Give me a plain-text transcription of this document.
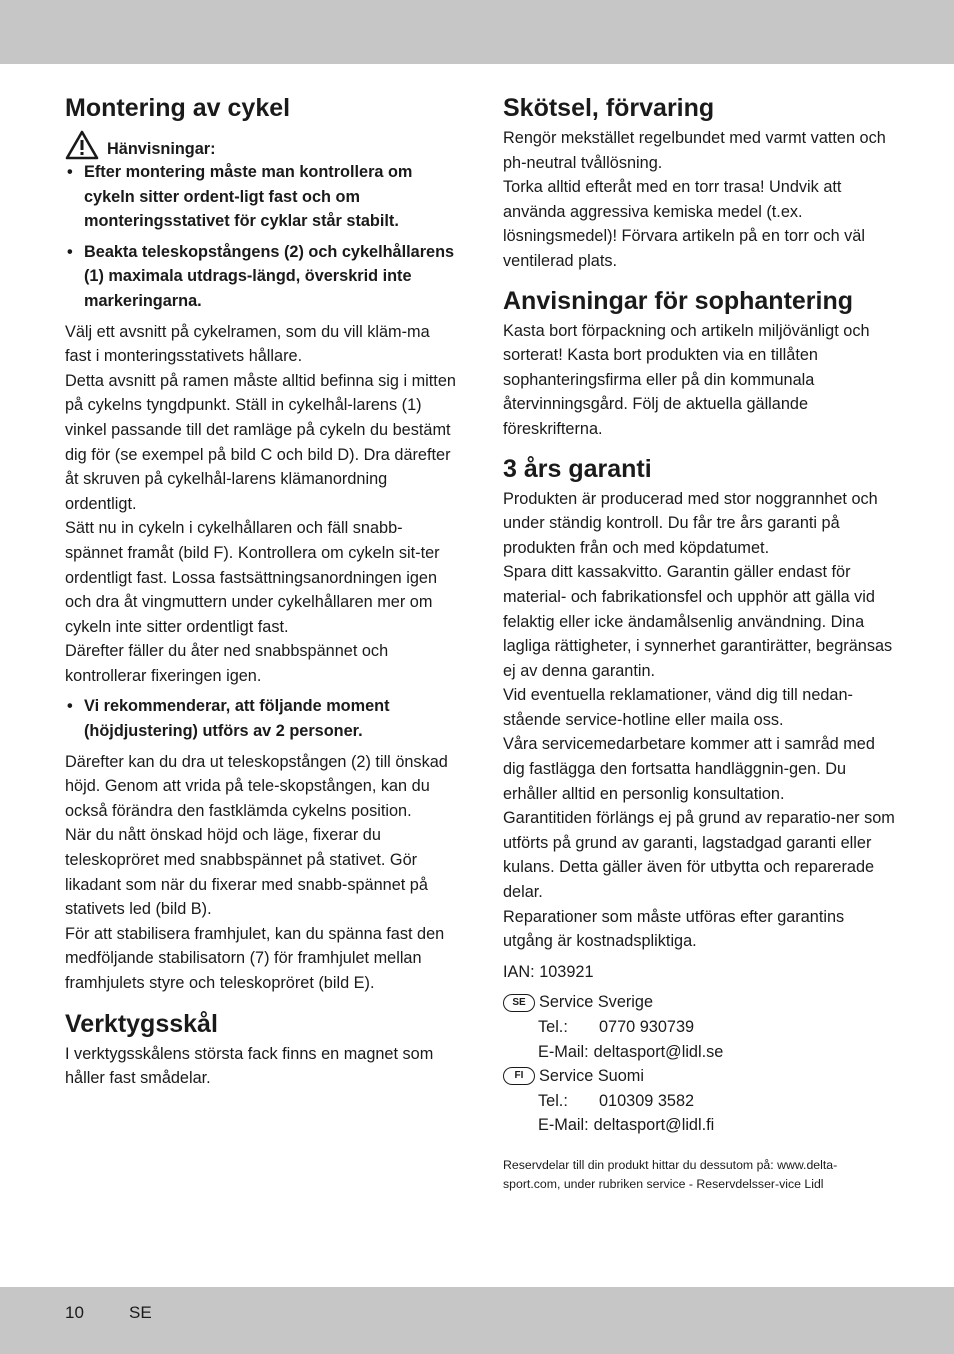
Montering av cykel
Hänvisningar:
• Efter montering måste man kontrollera om cykeln sitter ordent-ligt fast och om monteringsstativet för cyklar står stabilt.
• Beakta teleskopstångens (2) och cykelhållarens (1) maximala utdrags-längd, överskrid inte markeringarna.

Välj ett avsnitt på cykelramen, som du vill kläm-ma fast i monteringsstativets hållare.

Detta avsnitt på ramen måste alltid befinna sig i mitten på cykelns tyngdpunkt. Ställ in cykelhål-larens (1) vinkel passande till det ramläge på cykeln du bestämt dig för (se exempel på bild C och bild D). Dra därefter åt skruven på cykelhål-larens klämanordning ordentligt.

Sätt nu in cykeln i cykelhållaren och fäll snabb-spännet framåt (bild F). Kontrollera om cykeln sit-ter ordentligt fast. Lossa fastsättningsanordningen igen och dra åt vingmuttern under cykelhållaren mer om cykeln inte sitter ordentligt fast.

Därefter fäller du åter ned snabbspännet och kontrollerar fixeringen igen.

• Vi rekommenderar, att följande moment (höjdjustering) utförs av 2 personer.

Därefter kan du dra ut teleskopstången (2) till önskad höjd. Genom att vrida på tele-skopstången, kan du också förändra den fastklämda cykelns position.

När du nått önskad höjd och läge, fixerar du teleskopröret med snabbspännet på stativet. Gör likadant som när du fixerar med snabb-spännet på stativets led (bild B).

För att stabilisera framhjulet, kan du spänna fast den medföljande stabilisatorn (7) för framhjulet mellan framhjulets styre och teleskopröret (bild E).

Verktygsskål

I verktygsskålens största fack finns en magnet som håller fast smådelar.

Skötsel, förvaring

Rengör mekstället regelbundet med varmt vatten och ph-neutral tvållösning.

Torka alltid efteråt med en torr trasa! Undvik att använda aggressiva kemiska medel (t.ex. lösningsmedel)! Förvara artikeln på en torr och väl ventilerad plats.

Anvisningar för sophantering

Kasta bort förpackning och artikeln miljövänligt och sorterat! Kasta bort produkten via en tillåten sophanteringsfirma eller på din kommunala återvinningsgård. Följ de aktuella gällande föreskrifterna.

3 års garanti

Produkten är producerad med stor noggrannhet och under ständig kontroll. Du får tre års garanti på produkten från och med köpdatumet.

Spara ditt kassakvitto. Garantin gäller endast för material- och fabrikationsfel och upphör att gälla vid felaktig eller icke ändamålsenlig användning. Dina lagliga rättigheter, i synnerhet garantirätter, begränsas ej av denna garantin.

Vid eventuella reklamationer, vänd dig till nedan-stående service-hotline eller maila oss.

Våra servicemedarbetare kommer att i samråd med dig fastlägga den fortsatta handläggnin-gen. Du erhåller alltid en personlig konsultation.

Garantitiden förlängs ej på grund av reparatio-ner som utförts på grund av garanti, lagstadgad garanti eller kulans. Detta gäller även för utbytta och reparerade delar.

Reparationer som måste utföras efter garantins utgång är kostnadspliktiga.

IAN: 103921

SE Service Sverige
Tel.:	0770 930739
E-Mail: deltasport@lidl.se
FI Service Suomi
Tel.:	010309 3582
E-Mail: deltasport@lidl.fi

Reservdelar till din produkt hittar du dessutom på: www.delta-sport.com, under rubriken service - Reservdelsser-vice Lidl

10	SE
